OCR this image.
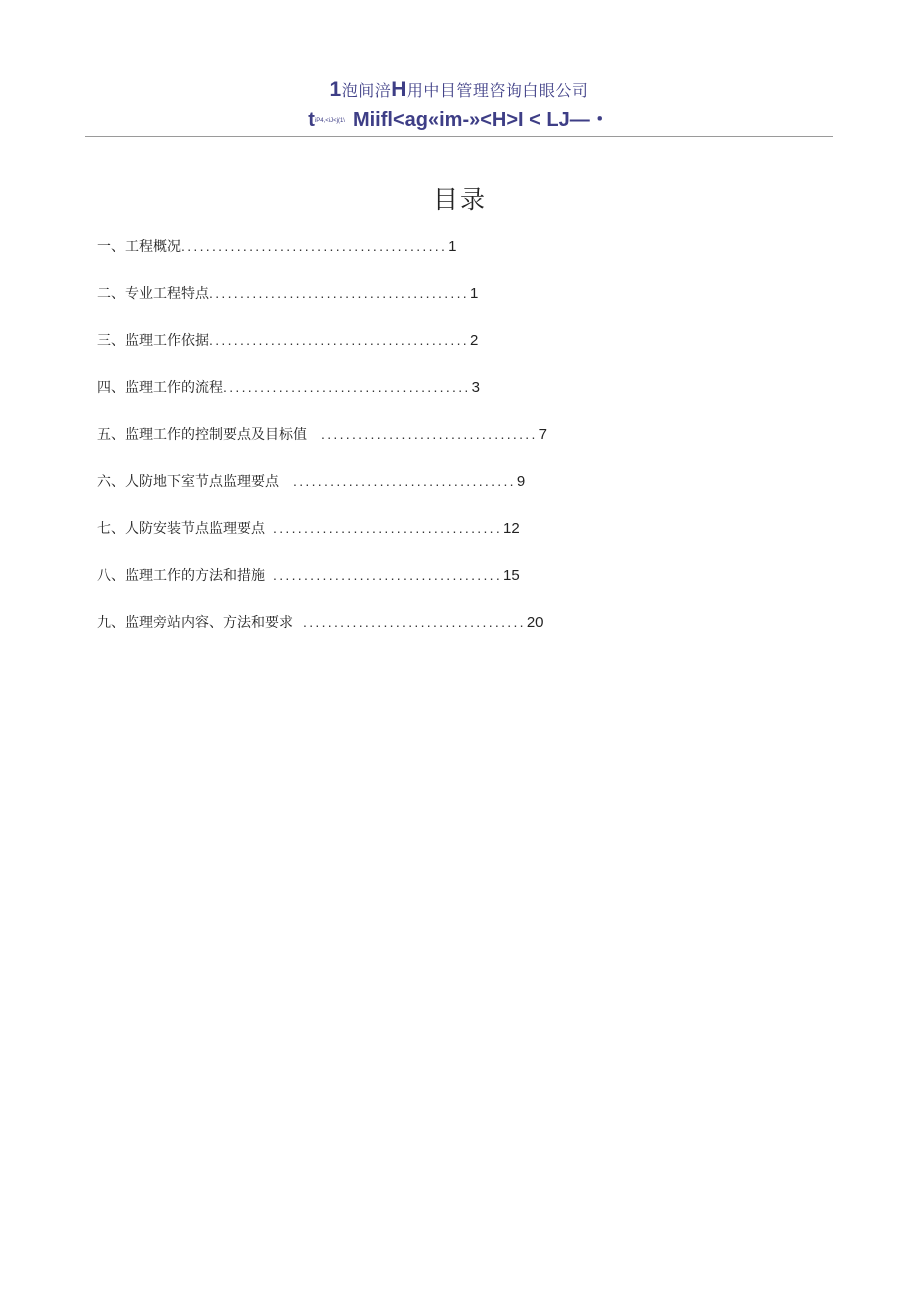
1泡间涪H用中目管理咨询白眼公司
tiP4,<iJ<j(1\ Miifl<ag«im-»<H>I < LJ—・
目录
一、工程概况 ........................................... 1
二、专业工程特点 .......................................... 1
三、监理工作依据 .......................................... 2
四、监理工作的流程 ........................................ 3
五、监理工作的控制要点及目标值 ................................... 7
六、人防地下室节点监理要点 .................................... 9
七、人防安装节点监理要点 ..................................... 12
八、监理工作的方法和措施 ..................................... 15
九、监理旁站内容、方法和要求 .................................... 20
